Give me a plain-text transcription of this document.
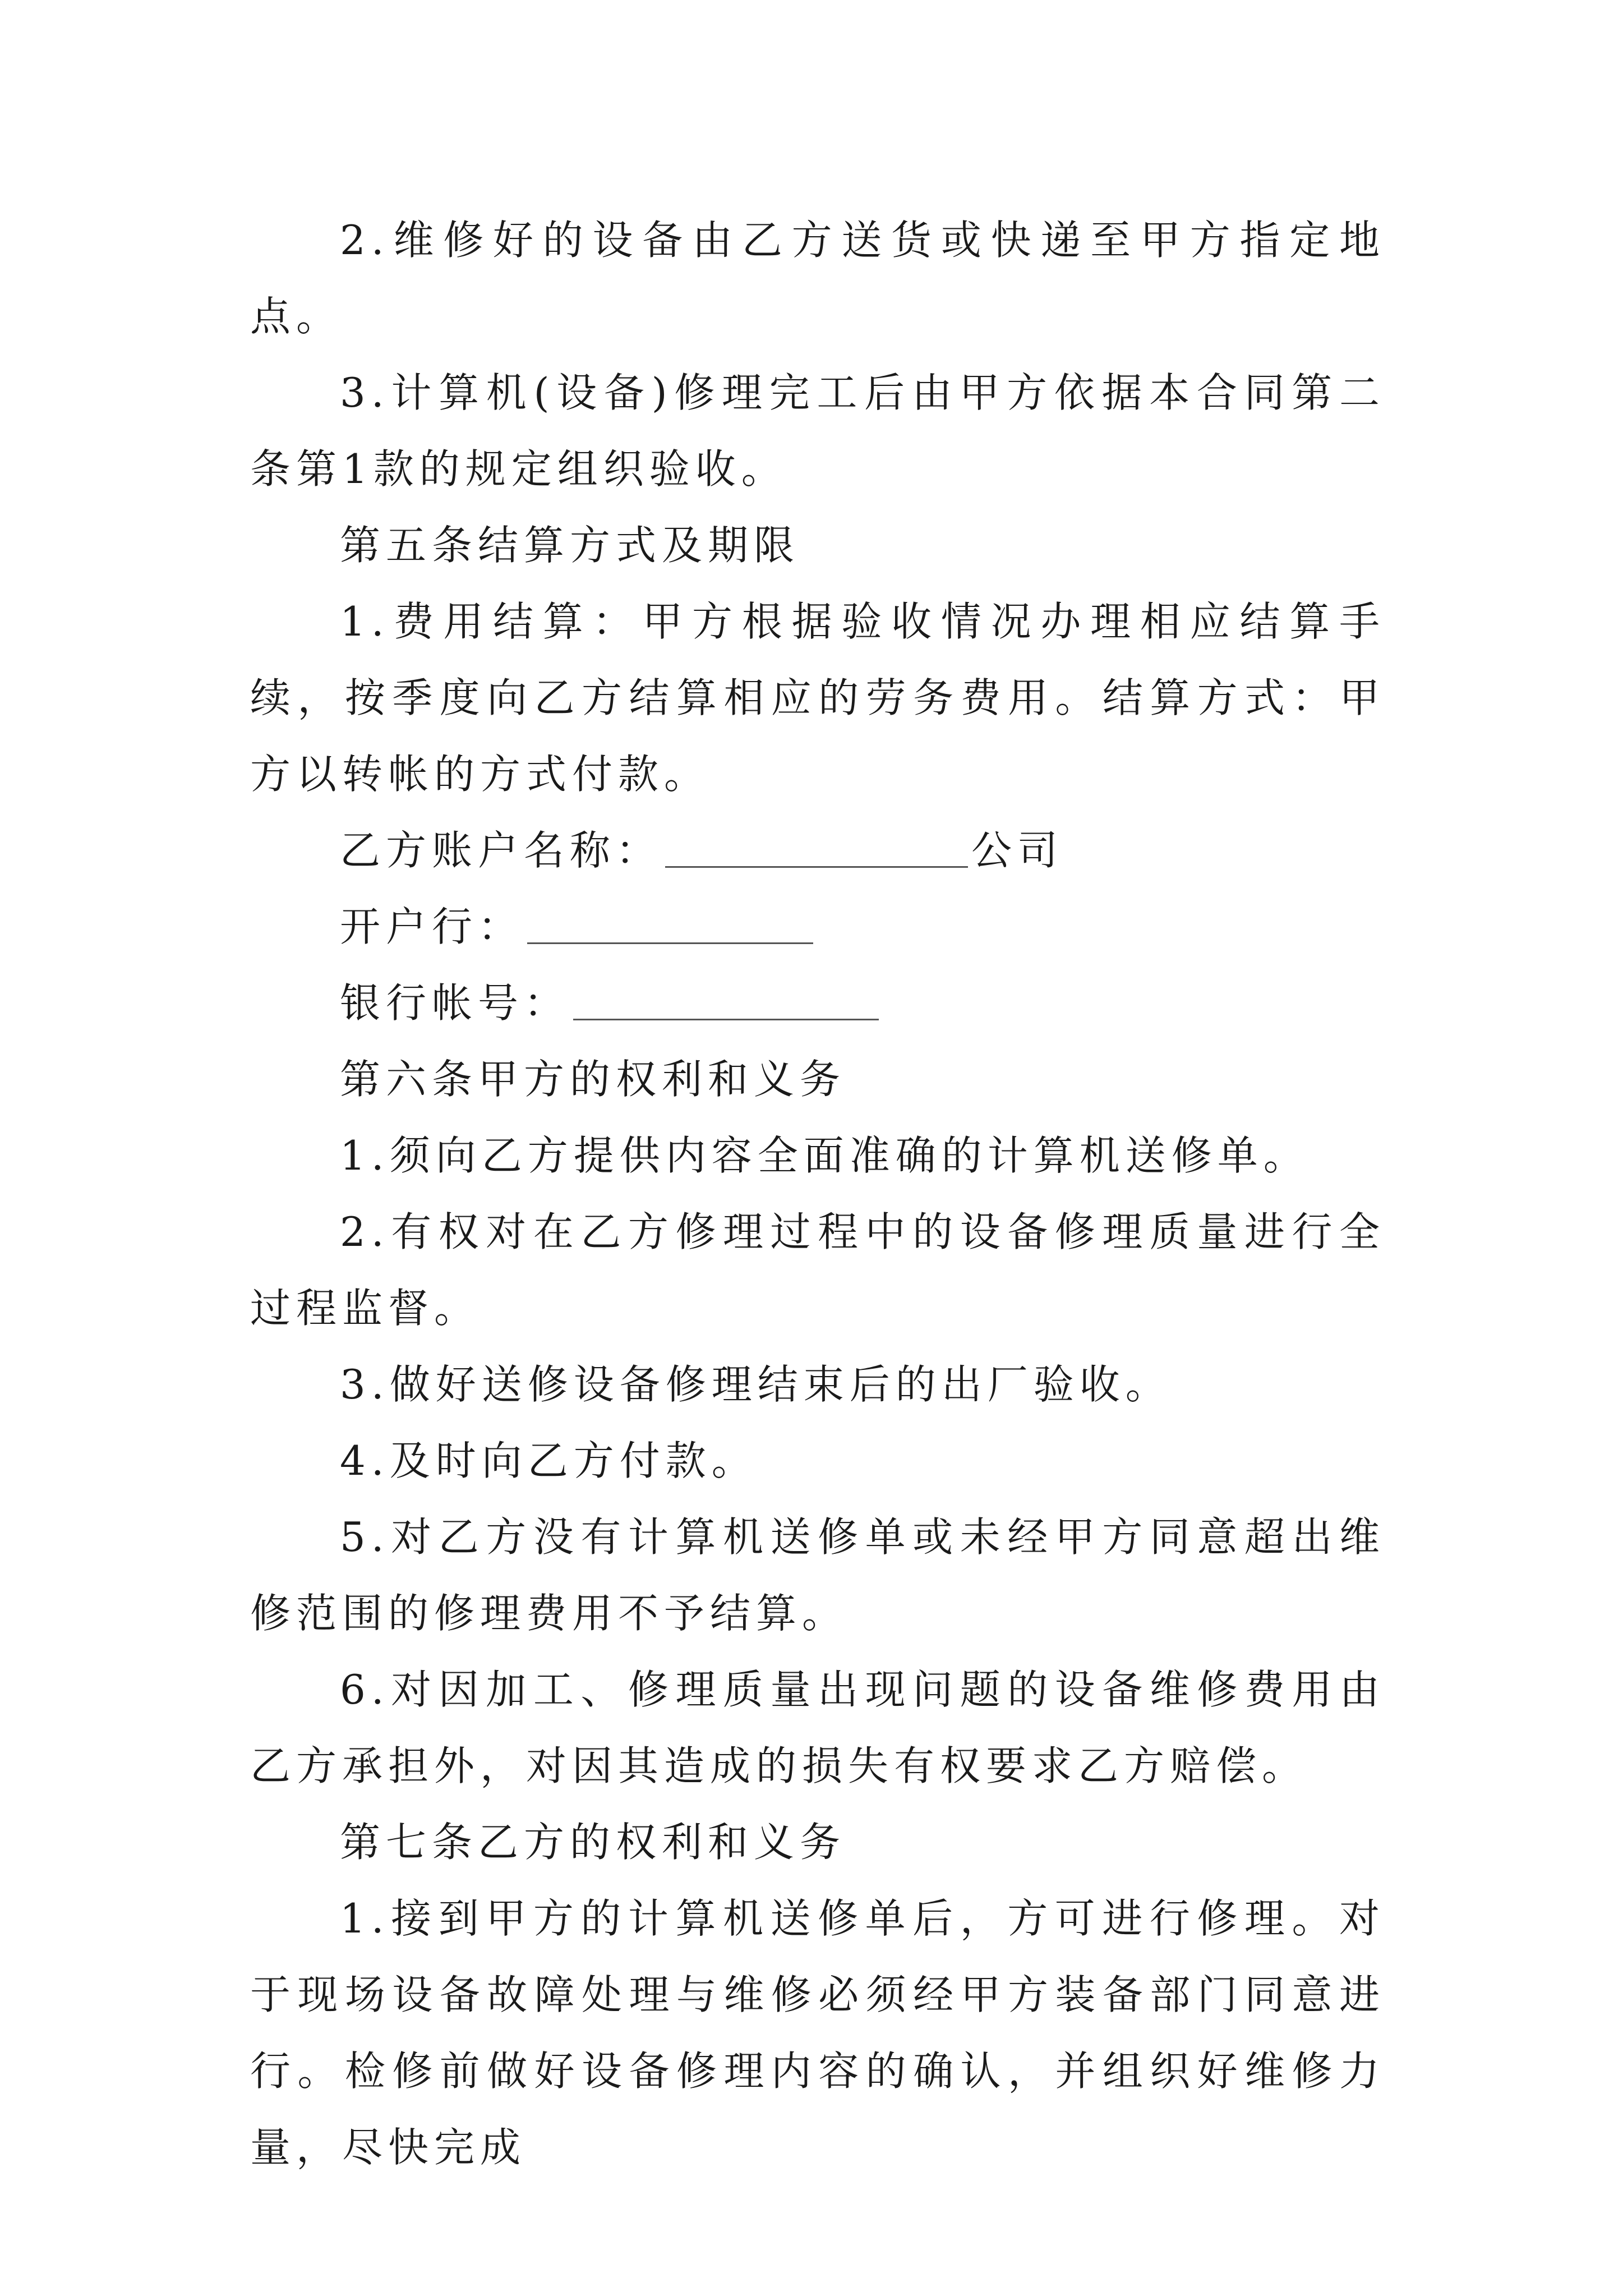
2.维修好的设备由乙方送货或快递至甲方指定地点。

3.计算机(设备)修理完工后由甲方依据本合同第二条第1款的规定组织验收。

第五条结算方式及期限

1.费用结算：甲方根据验收情况办理相应结算手续，按季度向乙方结算相应的劳务费用。结算方式：甲方以转帐的方式付款。

乙方账户名称：	公司

开户行：

银行帐号：

第六条甲方的权利和义务

1.须向乙方提供内容全面准确的计算机送修单。

2.有权对在乙方修理过程中的设备修理质量进行全过程监督。

3.做好送修设备修理结束后的出厂验收。

4.及时向乙方付款。

5.对乙方没有计算机送修单或未经甲方同意超出维修范围的修理费用不予结算。

6.对因加工、修理质量出现问题的设备维修费用由乙方承担外，对因其造成的损失有权要求乙方赔偿。

第七条乙方的权利和义务

1.接到甲方的计算机送修单后，方可进行修理。对于现场设备故障处理与维修必须经甲方装备部门同意进行。检修前做好设备修理内容的确认，并组织好维修力量，尽快完成
